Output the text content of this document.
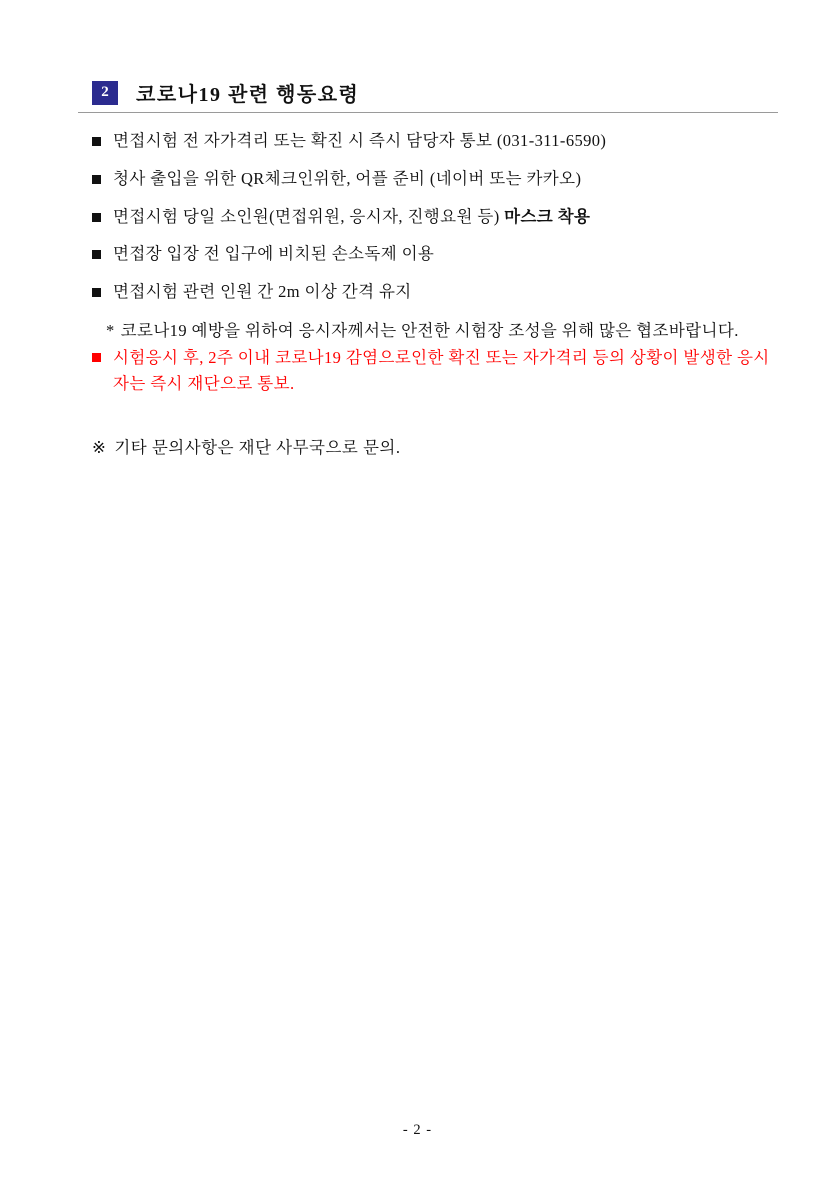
2	코로나19 관련 행동요령
면접시험 전 자가격리 또는 확진 시 즉시 담당자 통보 (031-311-6590)
청사 출입을 위한 QR체크인위한, 어플 준비 (네이버 또는 카카오)
면접시험 당일 소인원(면접위원, 응시자, 진행요원 등) 마스크 착용
면접장 입장 전 입구에 비치된 손소독제 이용
면접시험 관련 인원 간 2m 이상 간격 유지

* 코로나19 예방을 위하여 응시자께서는 안전한 시험장 조성을 위해 많은 협조바랍니다.

시험응시 후, 2주 이내 코로나19 감염으로인한 확진 또는 자가격리 등의 상황이 발생한 응시자는 즉시 재단으로 통보.

※ 기타 문의사항은 재단 사무국으로 문의.

- 2 -
